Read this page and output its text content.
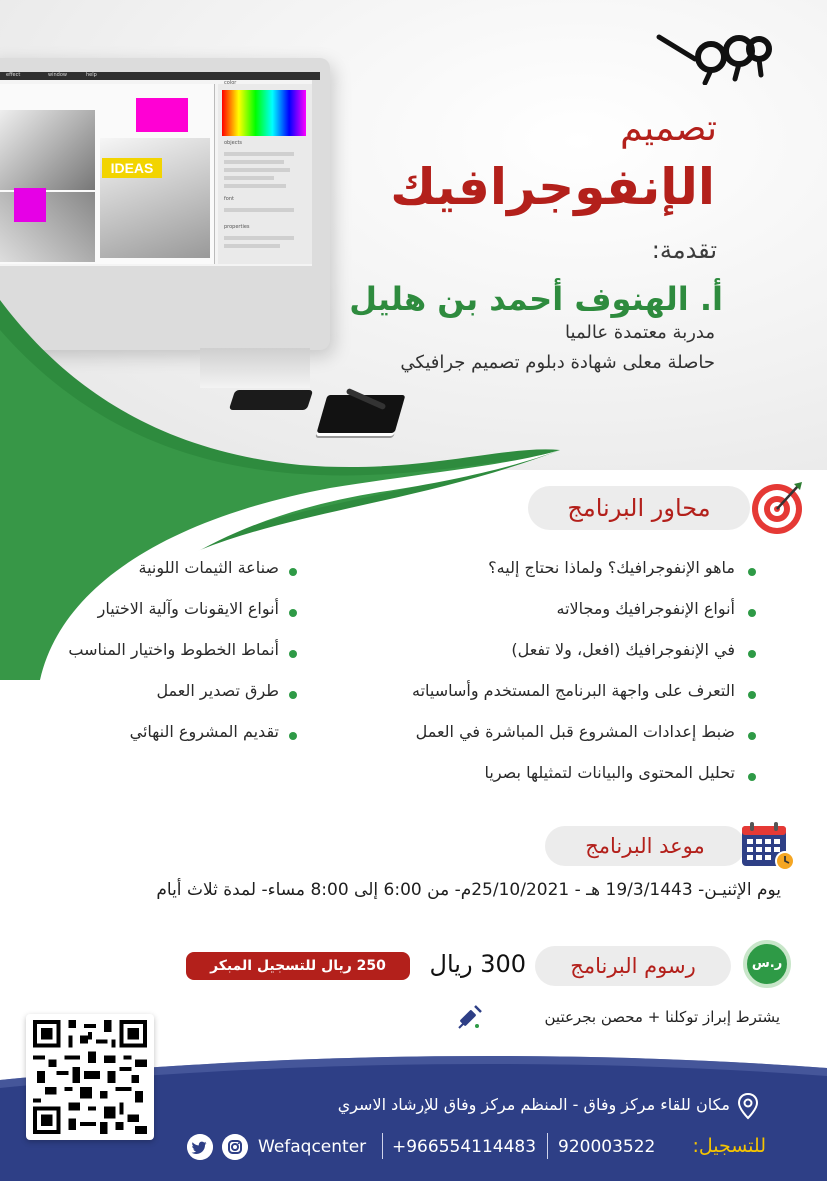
effect	window	help
IDEAS
color
objects
font
properties
تصميم
الإنفوجرافيك
تقدمة:
أ. الهنوف أحمد بن هليل
مدربة معتمدة عالميا
حاصلة معلى شهادة دبلوم تصميم جرافيكي
محاور البرنامج
ماهو الإنفوجرافيك؟ ولماذا نحتاج إليه؟
أنواع الإنفوجرافيك ومجالاته
في الإنفوجرافيك (افعل، ولا تفعل)
التعرف على واجهة البرنامج المستخدم وأساسياته
ضبط إعدادات المشروع قبل المباشرة في العمل
تحليل المحتوى والبيانات لتمثيلها بصريا
صناعة الثيمات اللونية
أنواع الايقونات وآلية الاختيار
أنماط الخطوط واختيار المناسب
طرق تصدير العمل
تقديم المشروع النهائي
موعد البرنامج
يوم الإثنيـن- 19/3/1443 هـ - 25/10/2021م- من 6:00 إلى 8:00 مساء- لمدة ثلاث أيام
رسوم البرنامج	ر.س
300 ريال
250 ريال للتسجيل المبكر
يشترط إبراز توكلنا + محصن بجرعتين
مكان للقاء مركز وفاق - المنظم مركز وفاق للإرشاد الاسري
للتسجيل:
920003522
+966554114483
Wefaqcenter
